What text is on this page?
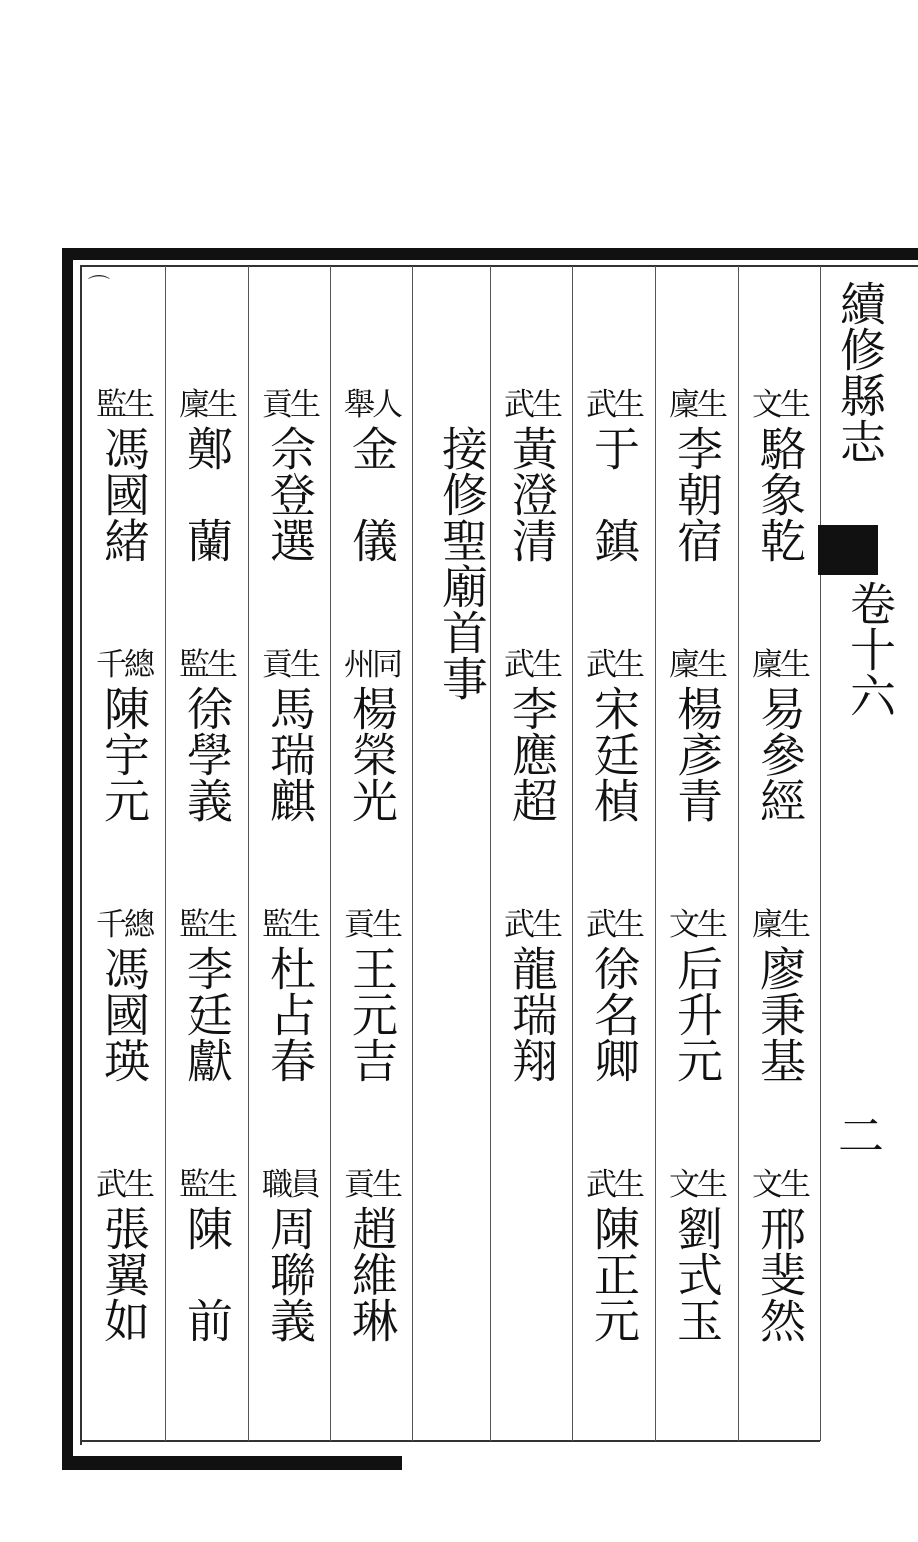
⌒	續修縣志
卷十六
二
接修聖廟首事
生監
馮國緒
總千
陳宇元
總千
馮國瑛
生武
張翼如
生廩
鄭　蘭
生監
徐學義
生監
李廷獻
生監
陳　前
生貢
佘登選
生貢
馬瑞麒
生監
杜占春
員職
周聯義
人舉
金　儀
同州
楊榮光
生貢
王元吉
生貢
趙維琳
生武
黃澄清
生武
李應超
生武
龍瑞翔
生武
于　鎮
生武
宋廷楨
生武
徐名卿
生武
陳正元
生廩
李朝宿
生廩
楊彥青
生文
后升元
生文
劉式玉
生文
駱象乾
生廩
易參經
生廩
廖秉基
生文
邢斐然
